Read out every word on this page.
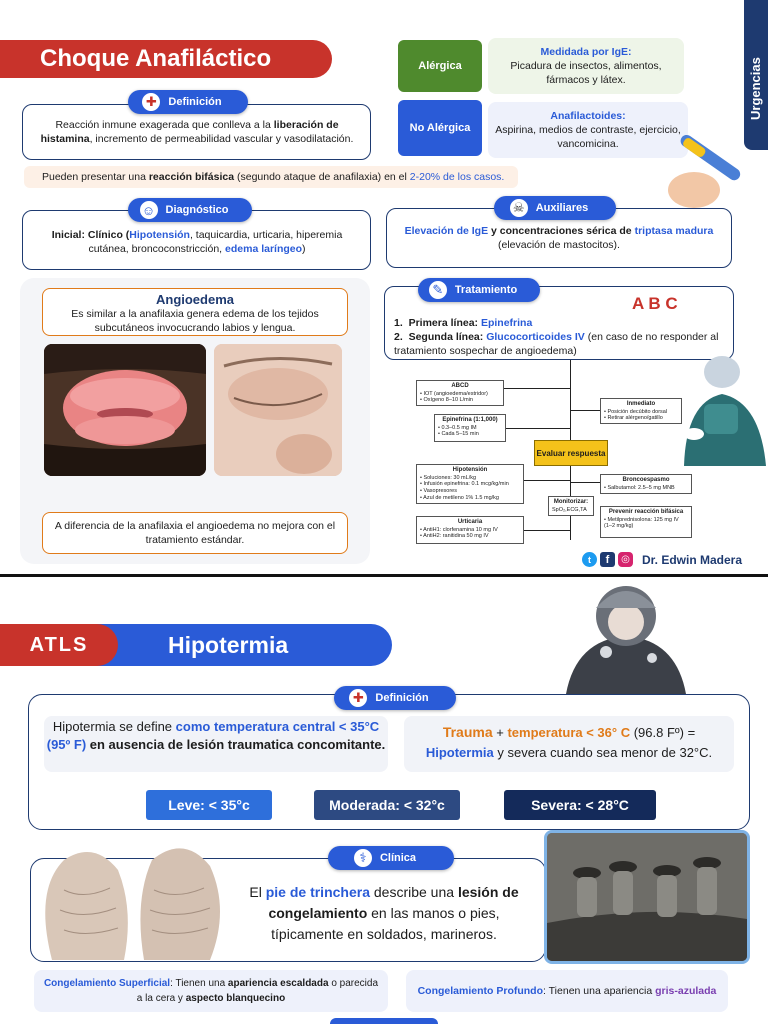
Choque Anafiláctico	Urgencias
Alérgica
Medidada por IgE:
Picadura de insectos, alimentos, fármacos y látex.
No Alérgica
Anafilactoides:
Aspirina, medios de contraste, ejercicio, vancomicina.
✚	Definición
Reacción inmune exagerada que conlleva a la liberación de histamina, incremento de permeabilidad vascular y vasodilatación.
Pueden presentar una reacción bifásica (segundo ataque de anafilaxia) en el 2-20% de los casos.
☺ Diagnóstico
Inicial: Clínico (Hipotensión, taquicardia, urticaria, hiperemia cutánea, broncoconstricción, edema laríngeo)
☠	Auxiliares
Elevación de IgE y concentraciones sérica de triptasa madura
(elevación de mastocitos).
Angioedema
Es similar a la anafilaxia genera edema de los tejidos subcutáneos invocucrando labios y lengua.
A diferencia de la anafilaxia el angioedema no mejora con el tratamiento estándar.
✎	Tratamiento
A B C
1.  Primera línea: Epinefrina
2.  Segunda línea: Glucocorticoides IV (en caso de no responder al tratamiento sospechar de angioedema)
ABCD
• IOT (angioedema/estridor)
• Oxígeno 8–10 L/min
Epinefrina (1:1,000)
• 0.3–0.5 mg IM
• Cada 5–15 min
Inmediato
• Posición decúbito dorsal
• Retirar alérgeno/gatillo
Evaluar respuesta
Hipotensión
• Soluciones: 30 mL/kg
• Infusión epinefrina: 0.1 mcg/kg/min
• Vasopresores
• Azul de metileno 1% 1.5 mg/kg
Broncoespasmo
• Salbutamol: 2.5–5 mg MNB
Monitorizar:
SpO₂,ECG,TA	Prevenir reacción bifásica
• Metilprednisolona: 125 mg IV (1–2 mg/kg)
Urticaria
• AntiH1: clorfenamina 10 mg IV
• AntiH2: ranitidina 50 mg IV
t	f	◎ Dr. Edwin Madera
Hipotermia
ATLS
✚	Definición
Hipotermia se define como temperatura central < 35°C (95º F) en ausencia de lesión traumatica concomitante.
Trauma + temperatura < 36° C (96.8 Fº) =
Hipotermia y severa cuando sea menor de 32°C.
Leve: < 35°c	Moderada: < 32°c	Severa: < 28°C
⚕	Clínica
El pie de trinchera describe una lesión de congelamiento en las manos o pies, típicamente en soldados, marineros.
Congelamiento Superficial: Tienen una apariencia escaldada o parecida a la cera y aspecto blanquecino
Congelamiento Profundo: Tienen una apariencia gris-azulada
